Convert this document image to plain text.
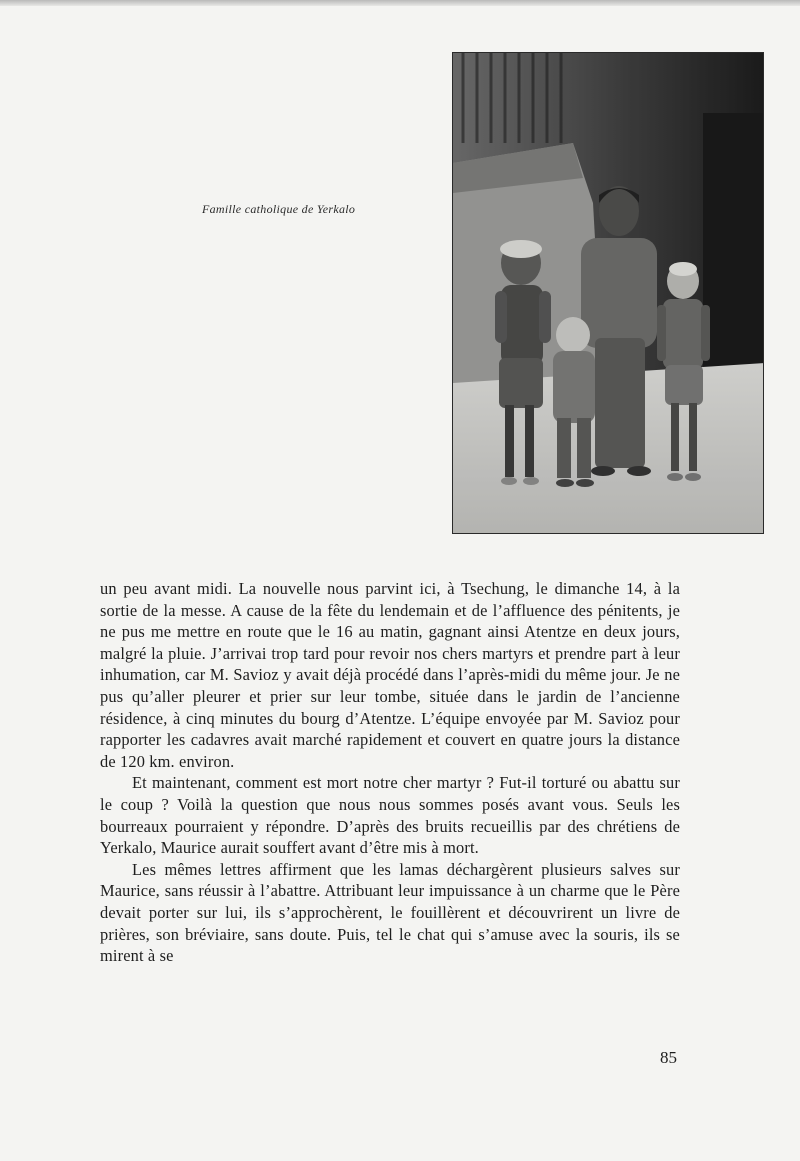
Famille catholique de Yerkalo

un peu avant midi. La nouvelle nous parvint ici, à Tsechung, le dimanche 14, à la sortie de la messe. A cause de la fête du lendemain et de l’affluence des pénitents, je ne pus me mettre en route que le 16 au matin, gagnant ainsi Atentze en deux jours, malgré la pluie. J’arrivai trop tard pour revoir nos chers martyrs et prendre part à leur inhumation, car M. Savioz y avait déjà procédé dans l’après-midi du même jour. Je ne pus qu’aller pleurer et prier sur leur tombe, située dans le jardin de l’ancienne résidence, à cinq minutes du bourg d’Atentze. L’équipe envoyée par M. Savioz pour rapporter les cadavres avait marché rapidement et couvert en quatre jours la distance de 120 km. environ.

Et maintenant, comment est mort notre cher martyr ? Fut-il torturé ou abattu sur le coup ? Voilà la question que nous nous sommes posés avant vous. Seuls les bourreaux pourraient y répondre. D’après des bruits recueillis par des chrétiens de Yerkalo, Maurice aurait souffert avant d’être mis à mort.

Les mêmes lettres affirment que les lamas déchargèrent plusieurs salves sur Maurice, sans réussir à l’abattre. Attribuant leur impuissance à un charme que le Père devait porter sur lui, ils s’approchèrent, le fouillèrent et découvrirent un livre de prières, son bréviaire, sans doute. Puis, tel le chat qui s’amuse avec la souris, ils se mirent à se

85
